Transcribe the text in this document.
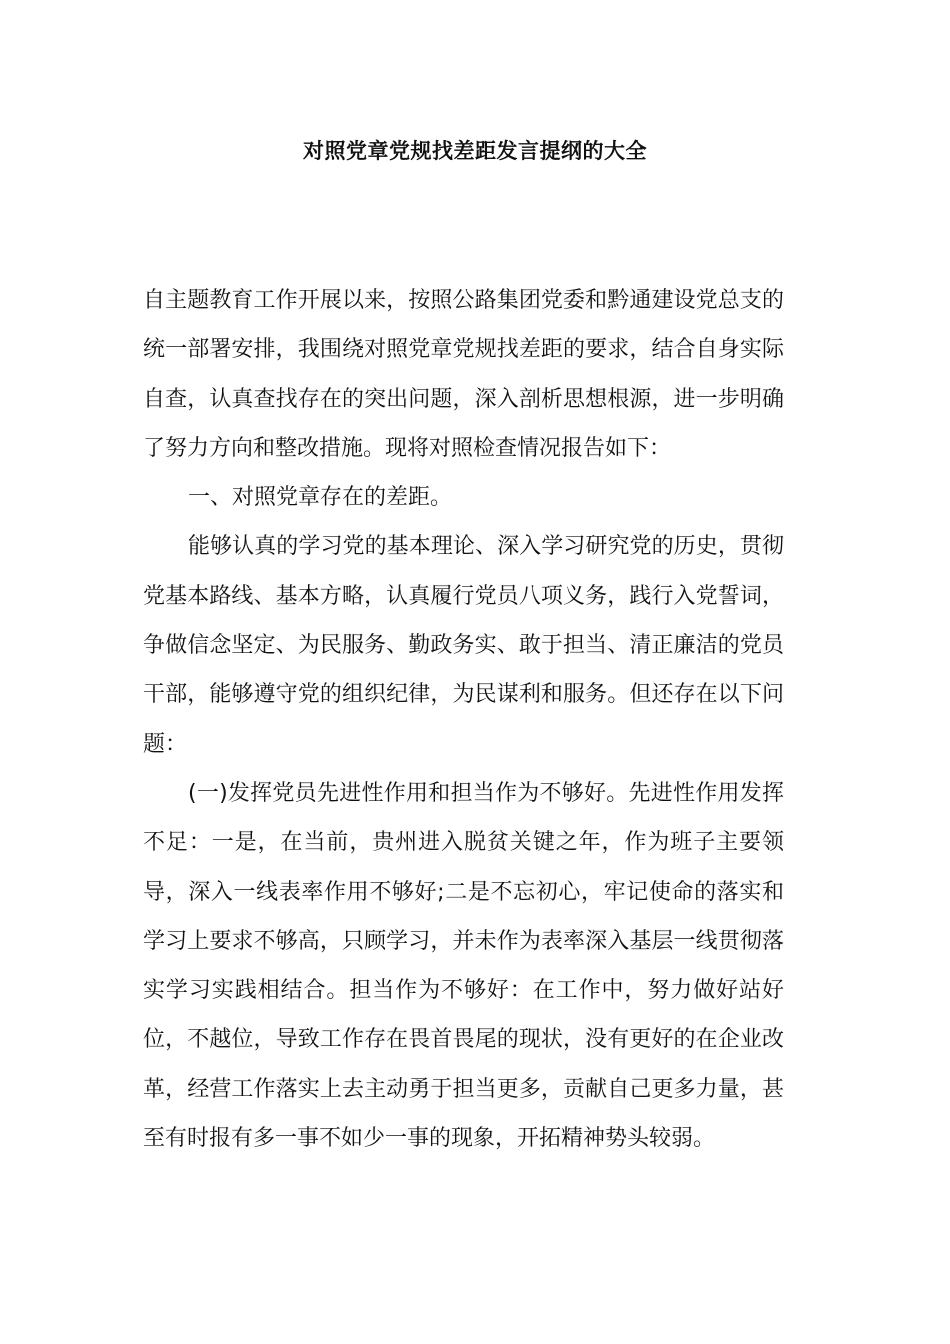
对照党章党规找差距发言提纲的大全

自主题教育工作开展以来，按照公路集团党委和黔通建设党总支的统一部署安排，我围绕对照党章党规找差距的要求，结合自身实际自查，认真查找存在的突出问题，深入剖析思想根源，进一步明确了努力方向和整改措施。现将对照检查情况报告如下：

一、对照党章存在的差距。

能够认真的学习党的基本理论、深入学习研究党的历史，贯彻党基本路线、基本方略，认真履行党员八项义务，践行入党誓词，争做信念坚定、为民服务、勤政务实、敢于担当、清正廉洁的党员干部，能够遵守党的组织纪律，为民谋利和服务。但还存在以下问题：

(一)发挥党员先进性作用和担当作为不够好。先进性作用发挥不足：一是，在当前，贵州进入脱贫关键之年，作为班子主要领导，深入一线表率作用不够好;二是不忘初心，牢记使命的落实和学习上要求不够高，只顾学习，并未作为表率深入基层一线贯彻落实学习实践相结合。担当作为不够好：在工作中，努力做好站好位，不越位，导致工作存在畏首畏尾的现状，没有更好的在企业改革，经营工作落实上去主动勇于担当更多，贡献自己更多力量，甚至有时报有多一事不如少一事的现象，开拓精神势头较弱。
